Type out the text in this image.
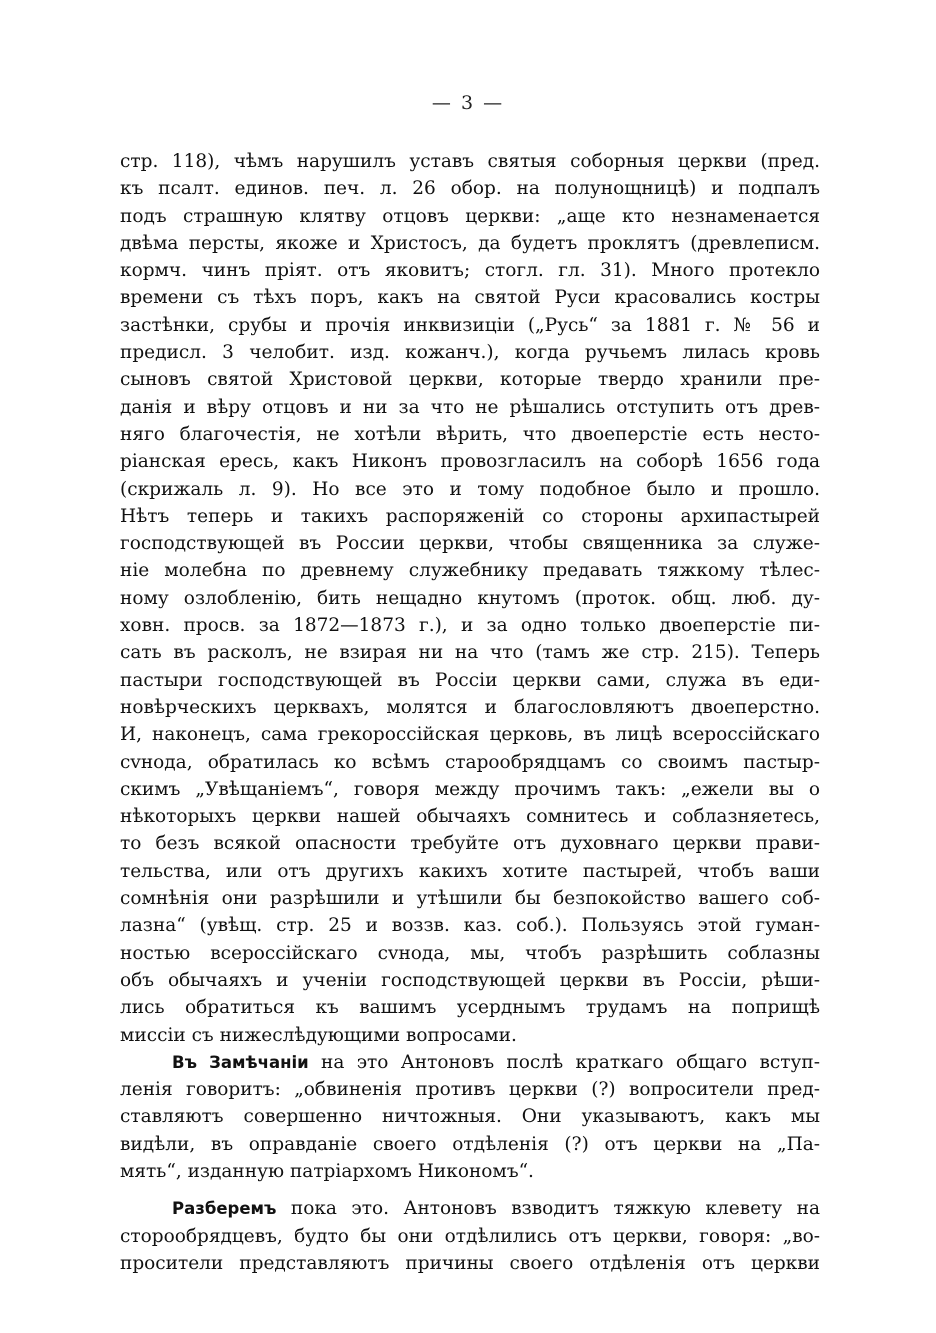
— 3 —
стр. 118), чѣмъ нарушилъ уставъ святыя соборныя церкви (пред.
къ псалт. единов. печ. л. 26 обор. на полунощницѣ) и подпалъ
подъ страшную клятву отцовъ церкви: „аще кто незнаменается
двѣма персты, якоже и Христосъ, да будетъ проклятъ (древлеписм.
кормч. чинъ пріят. отъ яковитъ; стогл. гл. 31). Много протекло
времени съ тѣхъ поръ, какъ на святой Руси красовались костры
застѣнки, срубы и прочія инквизиціи („Русь“ за 1881 г. № 56 и
предисл. 3 челобит. изд. кожанч.), когда ручьемъ лилась кровь
сыновъ святой Христовой церкви, которые твердо хранили пре-
данія и вѣру отцовъ и ни за что не рѣшались отступить отъ древ-
няго благочестія, не хотѣли вѣрить, что двоеперстіе есть несто-
ріанская ересь, какъ Никонъ провозгласилъ на соборѣ 1656 года
(скрижаль л. 9). Но все это и тому подобное было и прошло.
Нѣтъ теперь и такихъ распоряженій со стороны архипастырей
господствующей въ России церкви, чтобы священника за служе-
ніе молебна по древнему служебнику предавать тяжкому тѣлес-
ному озлобленію, бить нещадно кнутомъ (проток. общ. люб. ду-
ховн. просв. за 1872—1873 г.), и за одно только двоеперстіе пи-
сать въ расколъ, не взирая ни на что (тамъ же стр. 215). Теперь
пастыри господствующей въ Россіи церкви сами, служа въ еди-
новѣрческихъ церквахъ, молятся и благословляютъ двоеперстно.
И, наконецъ, сама грекороссійская церковь, въ лицѣ всероссійскаго
сvнода, обратилась ко всѣмъ старообрядцамъ со своимъ пастыр-
скимъ „Увѣщаніемъ“, говоря между прочимъ такъ: „ежели вы о
нѣкоторыхъ церкви нашей обычаяхъ сомнитесь и соблазняетесь,
то безъ всякой опасности требуйте отъ духовнаго церкви прави-
тельства, или отъ другихъ какихъ хотите пастырей, чтобъ ваши
сомнѣнія они разрѣшили и утѣшили бы безпокойство вашего соб-
лазна“ (увѣщ. стр. 25 и воззв. каз. соб.). Пользуясь этой гуман-
ностью всероссійскаго сvнода, мы, чтобъ разрѣшить соблазны
объ обычаяхъ и ученіи господствующей церкви въ Россіи, рѣши-
лись обратиться къ вашимъ усерднымъ трудамъ на поприщѣ
миссіи съ нижеслѣдующими вопросами.
Въ Замѣчаніи на это Антоновъ послѣ краткаго общаго вступ-
ленія говоритъ: „обвиненія противъ церкви (?) вопросители пред-
ставляютъ совершенно ничтожныя. Они указываютъ, какъ мы
видѣли, въ оправданіе своего отдѣленія (?) отъ церкви на „Па-
мять“, изданную патріархомъ Никономъ“.
Разберемъ пока это. Антоновъ взводитъ тяжкую клевету на
сторообрядцевъ, будто бы они отдѣлились отъ церкви, говоря: „во-
просители представляютъ причины своего отдѣленія отъ церкви
